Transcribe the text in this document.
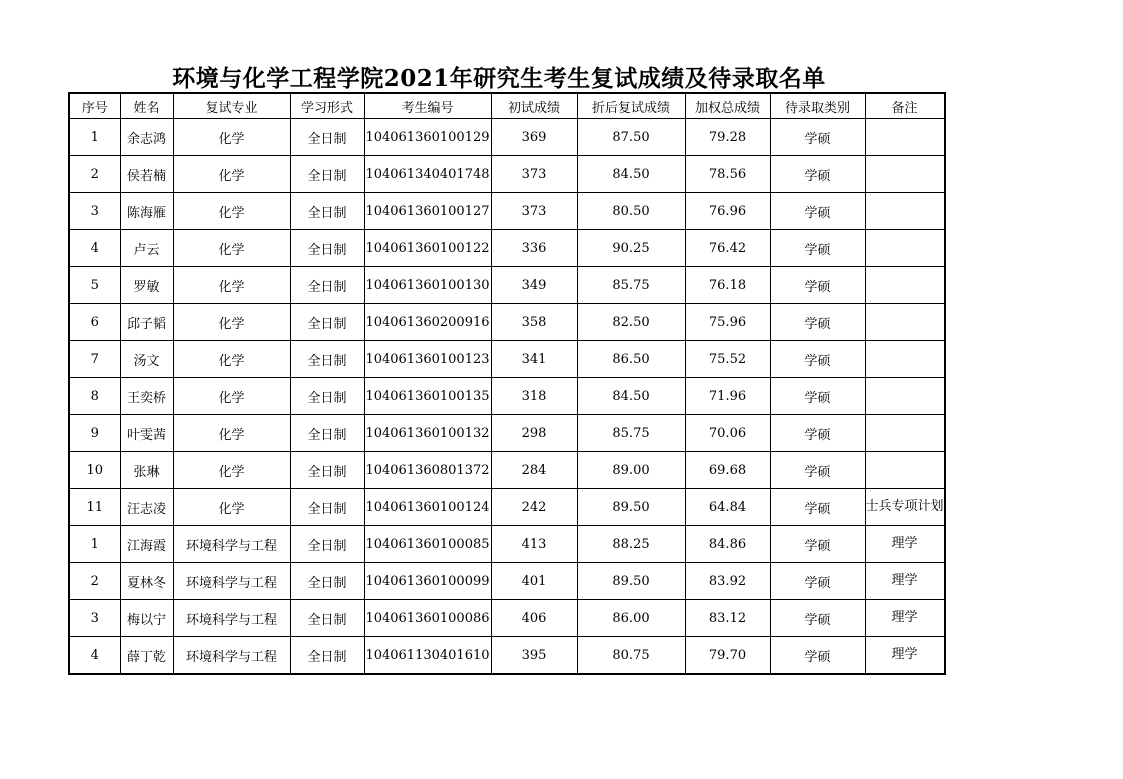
环境与化学工程学院2021年研究生考生复试成绩及待录取名单
序号	姓名	复试专业	学习形式	考生编号	初试成绩	折后复试成绩	加权总成绩	待录取类别	备注
1	余志鸿	化学	全日制	104061360100129	369	87.50	79.28	学硕	
2	侯若楠	化学	全日制	104061340401748	373	84.50	78.56	学硕	
3	陈海雁	化学	全日制	104061360100127	373	80.50	76.96	学硕	
4	卢云	化学	全日制	104061360100122	336	90.25	76.42	学硕	
5	罗敏	化学	全日制	104061360100130	349	85.75	76.18	学硕	
6	邱子韬	化学	全日制	104061360200916	358	82.50	75.96	学硕	
7	汤文	化学	全日制	104061360100123	341	86.50	75.52	学硕	
8	王奕桥	化学	全日制	104061360100135	318	84.50	71.96	学硕	
9	叶雯茜	化学	全日制	104061360100132	298	85.75	70.06	学硕	
10	张琳	化学	全日制	104061360801372	284	89.00	69.68	学硕	
11	汪志凌	化学	全日制	104061360100124	242	89.50	64.84	学硕	士兵专项计划
1	江海霞	环境科学与工程	全日制	104061360100085	413	88.25	84.86	学硕	理学
2	夏林冬	环境科学与工程	全日制	104061360100099	401	89.50	83.92	学硕	理学
3	梅以宁	环境科学与工程	全日制	104061360100086	406	86.00	83.12	学硕	理学
4	薛丁乾	环境科学与工程	全日制	104061130401610	395	80.75	79.70	学硕	理学
